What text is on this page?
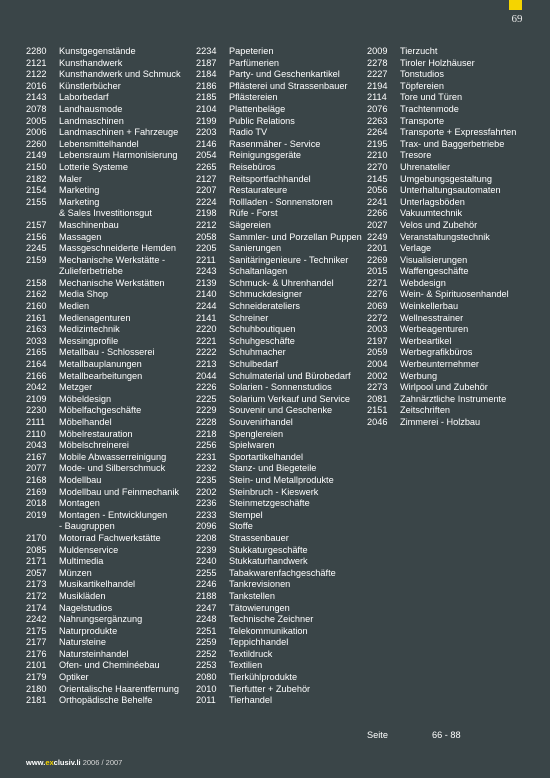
69
2280	Kunstgegenstände
2121	Kunsthandwerk
2122	Kunsthandwerk und Schmuck
2016	Künstlerbücher
2143	Laborbedarf
2078	Landhausmode
2005	Landmaschinen
2006	Landmaschinen + Fahrzeuge
2260	Lebensmittelhandel
2149	Lebensraum Harmonisierung
2150	Lotterie Systeme
2182	Maler
2154	Marketing
2155	Marketing
& Sales Investitionsgut
2157	Maschinenbau
2156	Massagen
2245	Massgeschneiderte Hemden
2159	Mechanische Werkstätte -
Zulieferbetriebe
2158	Mechanische Werkstätten
2162	Media Shop
2160	Medien
2161	Medienagenturen
2163	Medizintechnik
2033	Messingprofile
2165	Metallbau - Schlosserei
2164	Metallbauplanungen
2166	Metallbearbeitungen
2042	Metzger
2109	Möbeldesign
2230	Möbelfachgeschäfte
2111	Möbelhandel
2110	Möbelrestauration
2043	Möbelschreinerei
2167	Mobile Abwasserreinigung
2077	Mode- und Silberschmuck
2168	Modellbau
2169	Modellbau und Feinmechanik
2018	Montagen
2019	Montagen - Entwicklungen
- Baugruppen
2170	Motorrad Fachwerkstätte
2085	Muldenservice
2171	Multimedia
2057	Münzen
2173	Musikartikelhandel
2172	Musikläden
2174	Nagelstudios
2242	Nahrungsergänzung
2175	Naturprodukte
2177	Natursteine
2176	Natursteinhandel
2101	Ofen- und Cheminéebau
2179	Optiker
2180	Orientalische Haarentfernung
2181	Orthopädische Behelfe
2234	Papeterien
2187	Parfümerien
2184	Party- und Geschenkartikel
2186	Pflästerei und Strassenbauer
2185	Pflästereien
2104	Plattenbeläge
2199	Public Relations
2203	Radio TV
2146	Rasenmäher - Service
2054	Reinigungsgeräte
2265	Reisebüros
2127	Reitsportfachhandel
2207	Restaurateure
2224	Rollladen - Sonnenstoren
2198	Rüfe - Forst
2212	Sägereien
2058	Sammler- und Porzellan Puppen
2205	Sanierungen
2211	Sanitäringenieure - Techniker
2243	Schaltanlagen
2139	Schmuck- & Uhrenhandel
2140	Schmuckdesigner
2244	Schneiderateliers
2141	Schreiner
2220	Schuhboutiquen
2221	Schuhgeschäfte
2222	Schuhmacher
2213	Schulbedarf
2044	Schulmaterial und Bürobedarf
2226	Solarien - Sonnenstudios
2225	Solarium Verkauf und Service
2229	Souvenir und Geschenke
2228	Souvenirhandel
2218	Spenglereien
2256	Spielwaren
2231	Sportartikelhandel
2232	Stanz- und Biegeteile
2235	Stein- und Metallprodukte
2202	Steinbruch - Kieswerk
2236	Steinmetzgeschäfte
2233	Stempel
2096	Stoffe
2208	Strassenbauer
2239	Stukkaturgeschäfte
2240	Stukkaturhandwerk
2255	Tabakwarenfachgeschäfte
2246	Tankrevisionen
2188	Tankstellen
2247	Tätowierungen
2248	Technische Zeichner
2251	Telekommunikation
2259	Teppichhandel
2252	Textildruck
2253	Textilien
2080	Tierkühlprodukte
2010	Tierfutter + Zubehör
2011	Tierhandel
2009	Tierzucht
2278	Tiroler Holzhäuser
2227	Tonstudios
2194	Töpfereien
2114	Tore und Türen
2076	Trachtenmode
2263	Transporte
2264	Transporte + Expressfahrten
2195	Trax- und Baggerbetriebe
2210	Tresore
2270	Uhrenatelier
2145	Umgebungsgestaltung
2056	Unterhaltungsautomaten
2241	Unterlagsböden
2266	Vakuumtechnik
2027	Velos und Zubehör
2249	Veranstaltungstechnik
2201	Verlage
2269	Visualisierungen
2015	Waffengeschäfte
2271	Webdesign
2276	Wein- & Spirituosenhandel
2069	Weinkellerbau
2272	Wellnesstrainer
2003	Werbeagenturen
2197	Werbeartikel
2059	Werbegrafikbüros
2004	Werbeunternehmer
2002	Werbung
2273	Wirlpool und Zubehör
2081	Zahnärztliche Instrumente
2151	Zeitschriften
2046	Zimmerei - Holzbau
Seite	66 - 88
www.exclusiv.li 2006 / 2007
